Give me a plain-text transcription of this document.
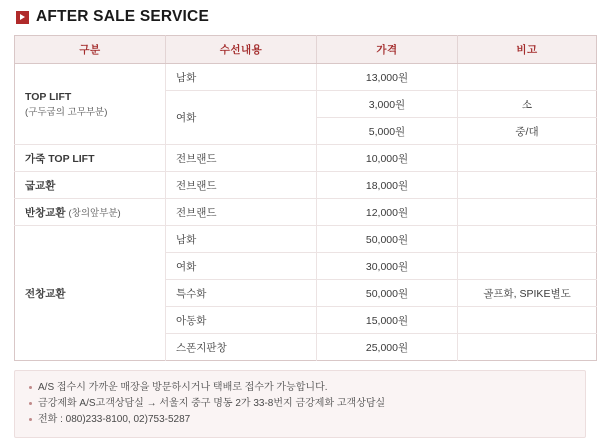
AFTER SALE SERVICE
구분	수선내용	가격	비고
TOP LIFT
(구두굽의 고무부분)	남화	13,000원	
	여화	3,000원	소
		5,000원	중/대
가죽 TOP LIFT	전브랜드	10,000원	
굽교환	전브랜드	18,000원	
반창교환 (창의앞부분)	전브랜드	12,000원	
전창교환	남화	50,000원	
	여화	30,000원	
	특수화	50,000원	골프화, SPIKE별도
	아동화	15,000원	
	스폰지판창	25,000원	
A/S 접수시 가까운 매장을 방문하시거나 택배로 접수가 가능합니다.
금강제화 A/S고객상담실 → 서울지 중구 명동 2가 33-8번지 금강제화 고객상담실
전화 : 080)233-8100, 02)753-5287
